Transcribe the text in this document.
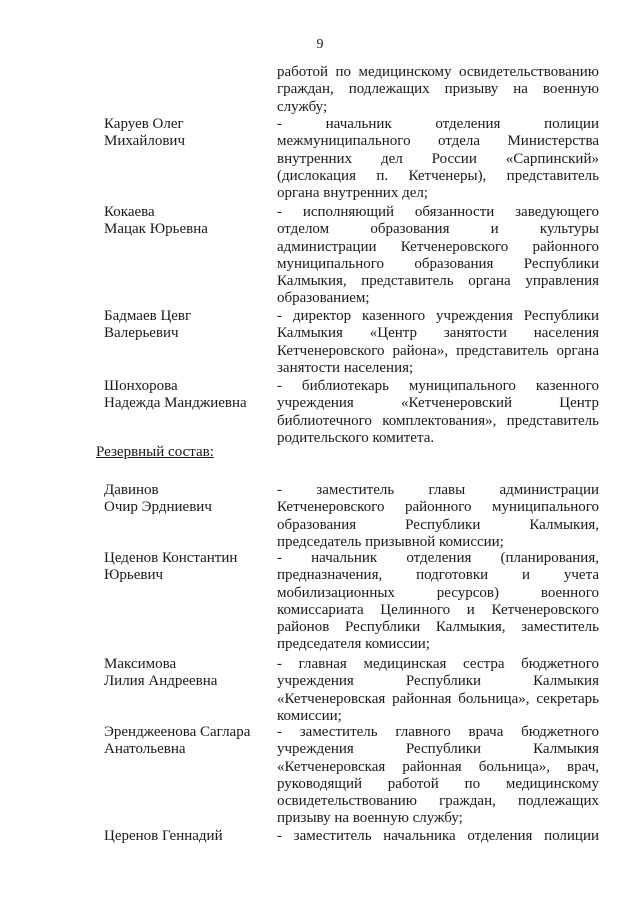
9
работой по медицинскому освидетельствованию
граждан, подлежащих призыву на военную
службу;
Каруев Олег
Михайлович
- начальник отделения полиции
межмуниципального отдела Министерства
внутренних дел России «Сарпинский»
(дислокация п. Кетченеры), представитель
органа внутренних дел;
Кокаева
Мацак Юрьевна
- исполняющий обязанности заведующего
отделом образования и культуры
администрации Кетченеровского районного
муниципального образования Республики
Калмыкия, представитель органа управления
образованием;
Бадмаев Цевг
Валерьевич
- директор казенного учреждения Республики
Калмыкия «Центр занятости населения
Кетченеровского района», представитель органа
занятости населения;
Шонхорова
Надежда Манджиевна
- библиотекарь муниципального казенного
учреждения «Кетченеровский Центр
библиотечного комплектования», представитель
родительского комитета.
Резервный состав:
Давинов
Очир Эрдниевич
- заместитель главы администрации
Кетченеровского районного муниципального
образования Республики Калмыкия,
председатель призывной комиссии;
Цеденов Константин
Юрьевич
- начальник отделения (планирования,
предназначения, подготовки и учета
мобилизационных ресурсов) военного
комиссариата Целинного и Кетченеровского
районов Республики Калмыкия, заместитель
председателя комиссии;
Максимова
Лилия Андреевна
- главная медицинская сестра бюджетного
учреждения Республики Калмыкия
«Кетченеровская районная больница», секретарь
комиссии;
Эренджеенова Саглара
Анатольевна
- заместитель главного врача бюджетного
учреждения Республики Калмыкия
«Кетченеровская районная больница», врач,
руководящий работой по медицинскому
освидетельствованию граждан, подлежащих
призыву на военную службу;
Церенов Геннадий	- заместитель начальника отделения полиции
